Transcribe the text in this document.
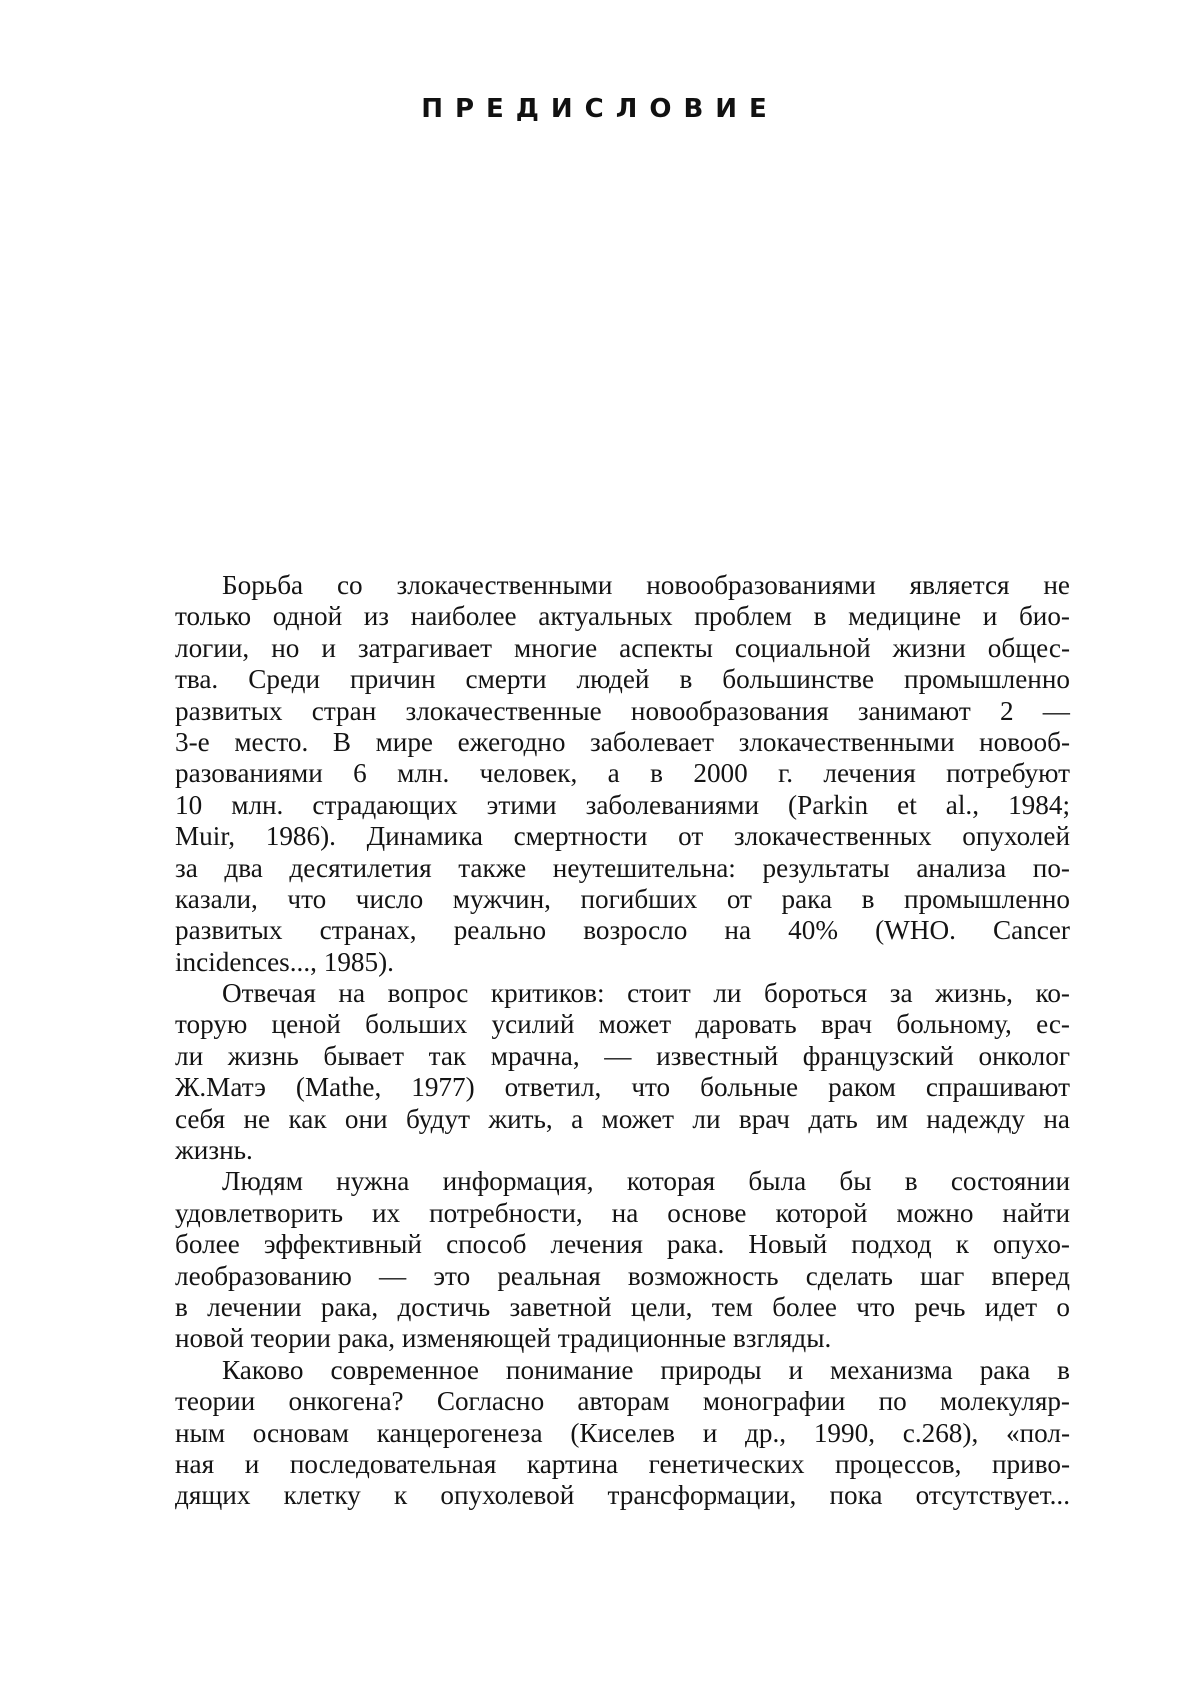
ПРЕДИСЛОВИЕ
Борьба со злокачественными новообразованиями является не
только одной из наиболее актуальных проблем в медицине и био-
логии, но и затрагивает многие аспекты социальной жизни общес-
тва. Среди причин смерти людей в большинстве промышленно
развитых стран злокачественные новообразования занимают 2 —
3-е место. В мире ежегодно заболевает злокачественными новооб-
разованиями 6 млн. человек, а в 2000 г. лечения потребуют
10 млн. страдающих этими заболеваниями (Parkin et al., 1984;
Muir, 1986). Динамика смертности от злокачественных опухолей
за два десятилетия также неутешительна: результаты анализа по-
казали, что число мужчин, погибших от рака в промышленно
развитых странах, реально возросло на 40% (WHO. Cancer
incidences..., 1985).
Отвечая на вопрос критиков: стоит ли бороться за жизнь, ко-
торую ценой больших усилий может даровать врач больному, ес-
ли жизнь бывает так мрачна, — известный французский онколог
Ж.Матэ (Mathe, 1977) ответил, что больные раком спрашивают
себя не как они будут жить, а может ли врач дать им надежду на
жизнь.
Людям нужна информация, которая была бы в состоянии
удовлетворить их потребности, на основе которой можно найти
более эффективный способ лечения рака. Новый подход к опухо-
леобразованию — это реальная возможность сделать шаг вперед
в лечении рака, достичь заветной цели, тем более что речь идет о
новой теории рака, изменяющей традиционные взгляды.
Каково современное понимание природы и механизма рака в
теории онкогена? Согласно авторам монографии по молекуляр-
ным основам канцерогенеза (Киселев и др., 1990, с.268), «пол-
ная и последовательная картина генетических процессов, приво-
дящих клетку к опухолевой трансформации, пока отсутствует...
